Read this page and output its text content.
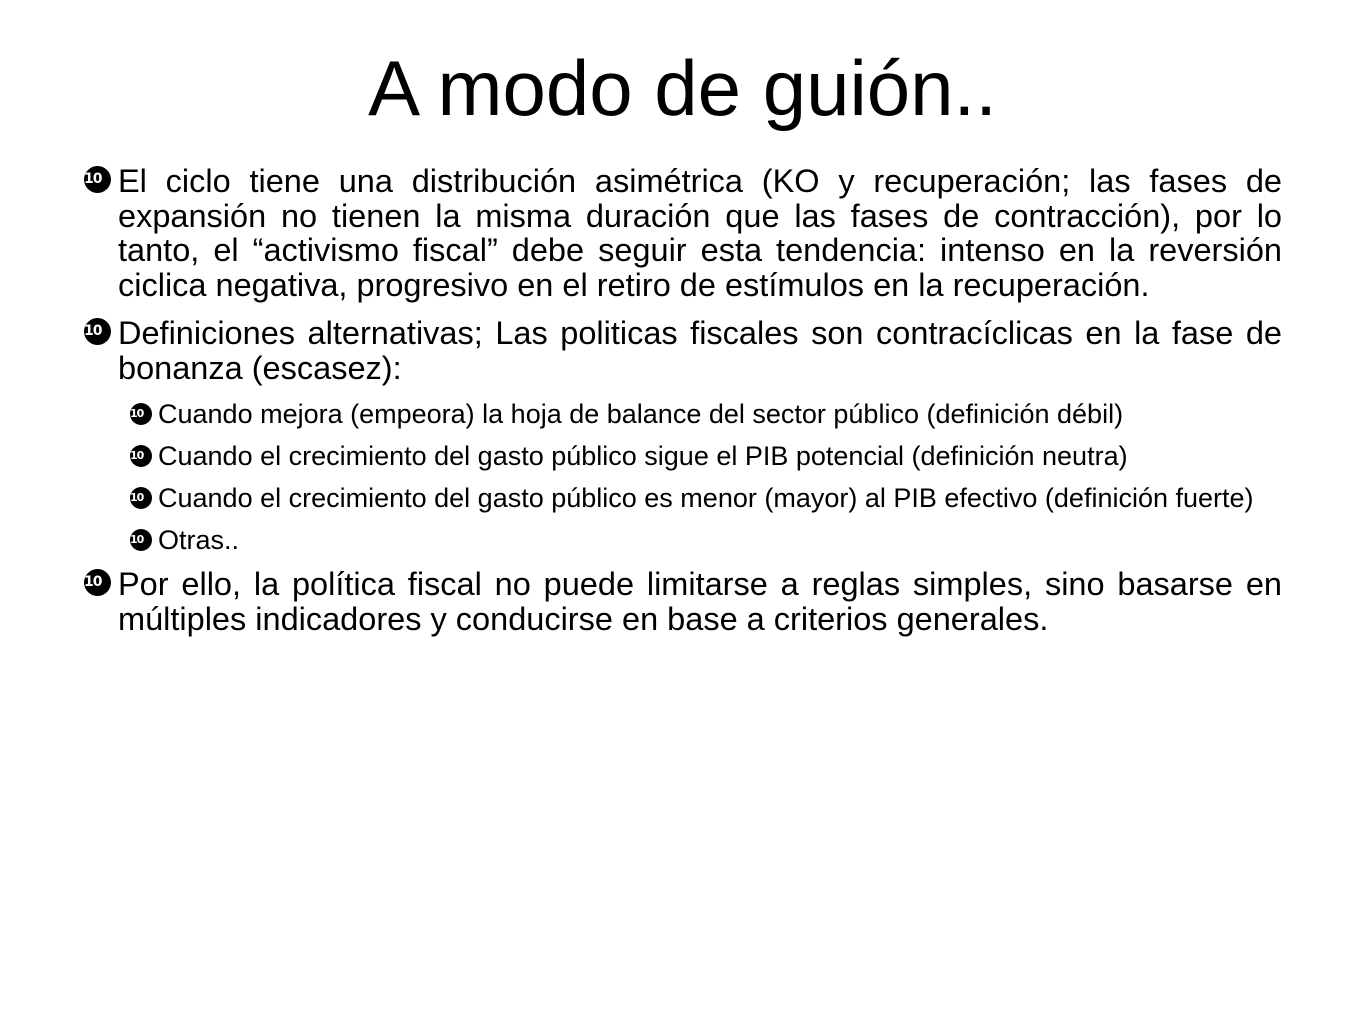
A modo de guión..
10 El ciclo tiene una distribución asimétrica (KO y recuperación; las fases de expansión no tienen la misma duración que las fases de contracción), por lo tanto, el “activismo fiscal” debe seguir esta tendencia: intenso en la reversión ciclica negativa, progresivo en el retiro de estímulos en la recuperación.
10 Definiciones alternativas; Las politicas fiscales son contracíclicas en la fase de bonanza (escasez):
10 Cuando mejora (empeora) la hoja de balance del sector público (definición débil)
10 Cuando el crecimiento del gasto público sigue el PIB potencial (definición neutra)
10 Cuando el crecimiento del gasto público es menor (mayor) al PIB efectivo (definición fuerte)
10 Otras..
10 Por ello, la política fiscal no puede limitarse a reglas simples, sino basarse en múltiples indicadores y conducirse en base a criterios generales.
